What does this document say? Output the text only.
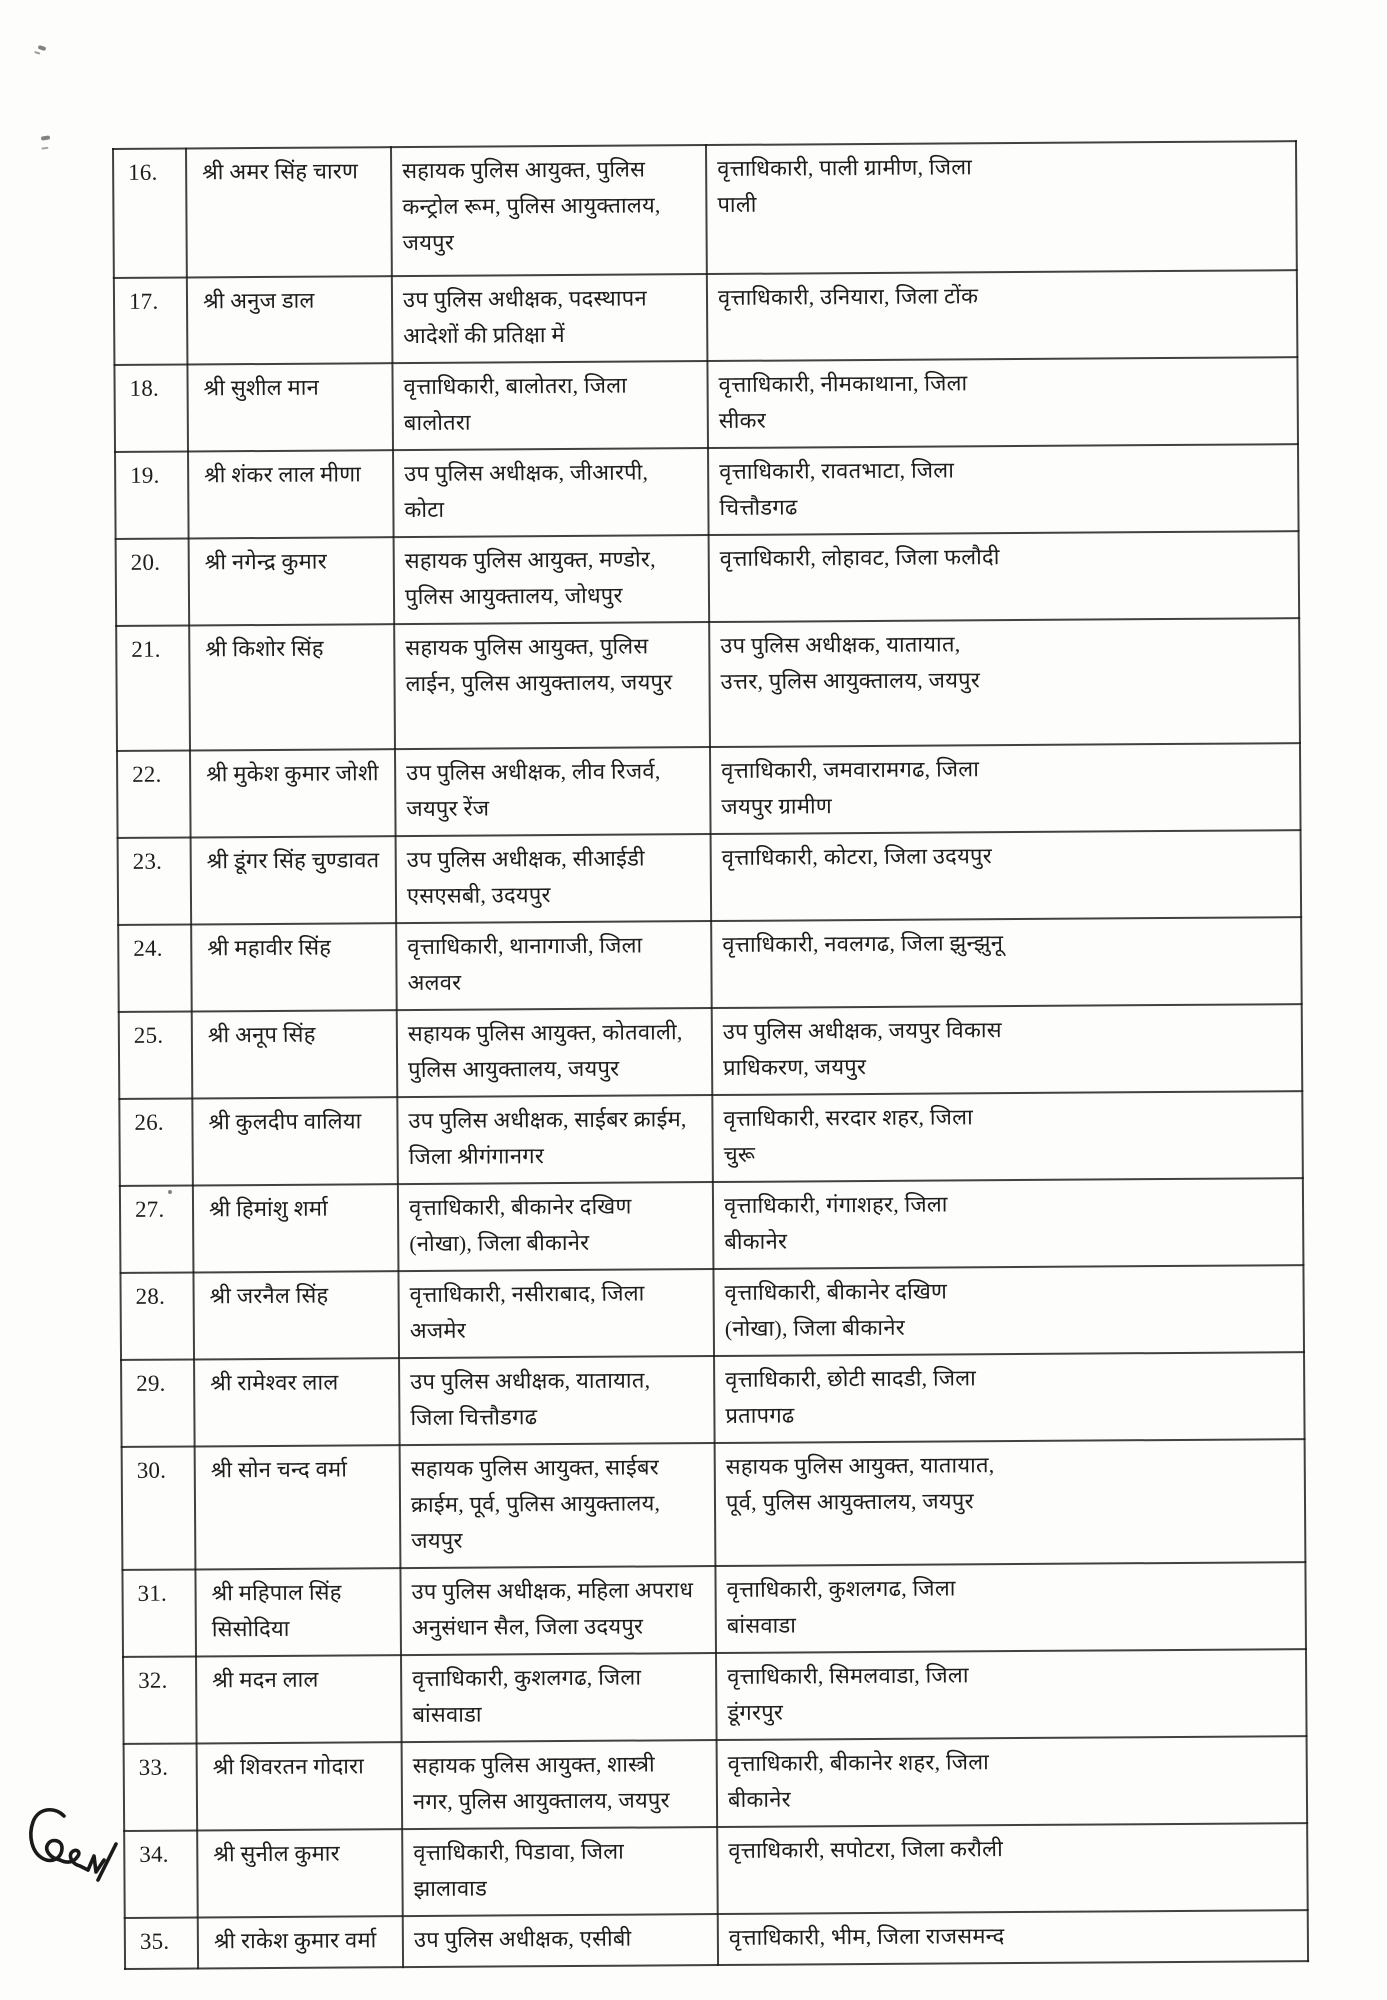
16.	श्री अमर सिंह चारण	सहायक पुलिस आयुक्त, पुलिस
कन्ट्रोल रूम, पुलिस आयुक्तालय,
जयपुर	वृत्ताधिकारी, पाली ग्रामीण, जिला
पाली
17.	श्री अनुज डाल	उप पुलिस अधीक्षक, पदस्थापन
आदेशों की प्रतिक्षा में	वृत्ताधिकारी, उनियारा, जिला टोंक
18.	श्री सुशील मान	वृत्ताधिकारी, बालोतरा, जिला
बालोतरा	वृत्ताधिकारी, नीमकाथाना, जिला
सीकर
19.	श्री शंकर लाल मीणा	उप पुलिस अधीक्षक, जीआरपी,
कोटा	वृत्ताधिकारी, रावतभाटा, जिला
चित्तौडगढ
20.	श्री नगेन्द्र कुमार	सहायक पुलिस आयुक्त, मण्डोर,
पुलिस आयुक्तालय, जोधपुर	वृत्ताधिकारी, लोहावट, जिला फलौदी
21.	श्री किशोर सिंह	सहायक पुलिस आयुक्त, पुलिस
लाईन, पुलिस आयुक्तालय, जयपुर	उप पुलिस अधीक्षक, यातायात,
उत्तर, पुलिस आयुक्तालय, जयपुर
22.	श्री मुकेश कुमार जोशी	उप पुलिस अधीक्षक, लीव रिजर्व,
जयपुर रेंज	वृत्ताधिकारी, जमवारामगढ, जिला
जयपुर ग्रामीण
23.	श्री डूंगर सिंह चुण्डावत	उप पुलिस अधीक्षक, सीआईडी
एसएसबी, उदयपुर	वृत्ताधिकारी, कोटरा, जिला उदयपुर
24.	श्री महावीर सिंह	वृत्ताधिकारी, थानागाजी, जिला
अलवर	वृत्ताधिकारी, नवलगढ, जिला झुन्झुनू
25.	श्री अनूप सिंह	सहायक पुलिस आयुक्त, कोतवाली,
पुलिस आयुक्तालय, जयपुर	उप पुलिस अधीक्षक, जयपुर विकास
प्राधिकरण, जयपुर
26.	श्री कुलदीप वालिया	उप पुलिस अधीक्षक, साईबर क्राईम,
जिला श्रीगंगानगर	वृत्ताधिकारी, सरदार शहर, जिला
चुरू
27.	श्री हिमांशु शर्मा	वृत्ताधिकारी, बीकानेर दखिण
(नोखा), जिला बीकानेर	वृत्ताधिकारी, गंगाशहर, जिला
बीकानेर
28.	श्री जरनैल सिंह	वृत्ताधिकारी, नसीराबाद, जिला
अजमेर	वृत्ताधिकारी, बीकानेर दखिण
(नोखा), जिला बीकानेर
29.	श्री रामेश्वर लाल	उप पुलिस अधीक्षक, यातायात,
जिला चित्तौडगढ	वृत्ताधिकारी, छोटी सादडी, जिला
प्रतापगढ
30.	श्री सोन चन्द वर्मा	सहायक पुलिस आयुक्त, साईबर
क्राईम, पूर्व, पुलिस आयुक्तालय,
जयपुर	सहायक पुलिस आयुक्त, यातायात,
पूर्व, पुलिस आयुक्तालय, जयपुर
31.	श्री महिपाल सिंह
सिसोदिया	उप पुलिस अधीक्षक, महिला अपराध
अनुसंधान सैल, जिला उदयपुर	वृत्ताधिकारी, कुशलगढ, जिला
बांसवाडा
32.	श्री मदन लाल	वृत्ताधिकारी, कुशलगढ, जिला
बांसवाडा	वृत्ताधिकारी, सिमलवाडा, जिला
डूंगरपुर
33.	श्री शिवरतन गोदारा	सहायक पुलिस आयुक्त, शास्त्री
नगर, पुलिस आयुक्तालय, जयपुर	वृत्ताधिकारी, बीकानेर शहर, जिला
बीकानेर
34.	श्री सुनील कुमार	वृत्ताधिकारी, पिडावा, जिला
झालावाड	वृत्ताधिकारी, सपोटरा, जिला करौली
35.	श्री राकेश कुमार वर्मा	उप पुलिस अधीक्षक, एसीबी	वृत्ताधिकारी, भीम, जिला राजसमन्द
